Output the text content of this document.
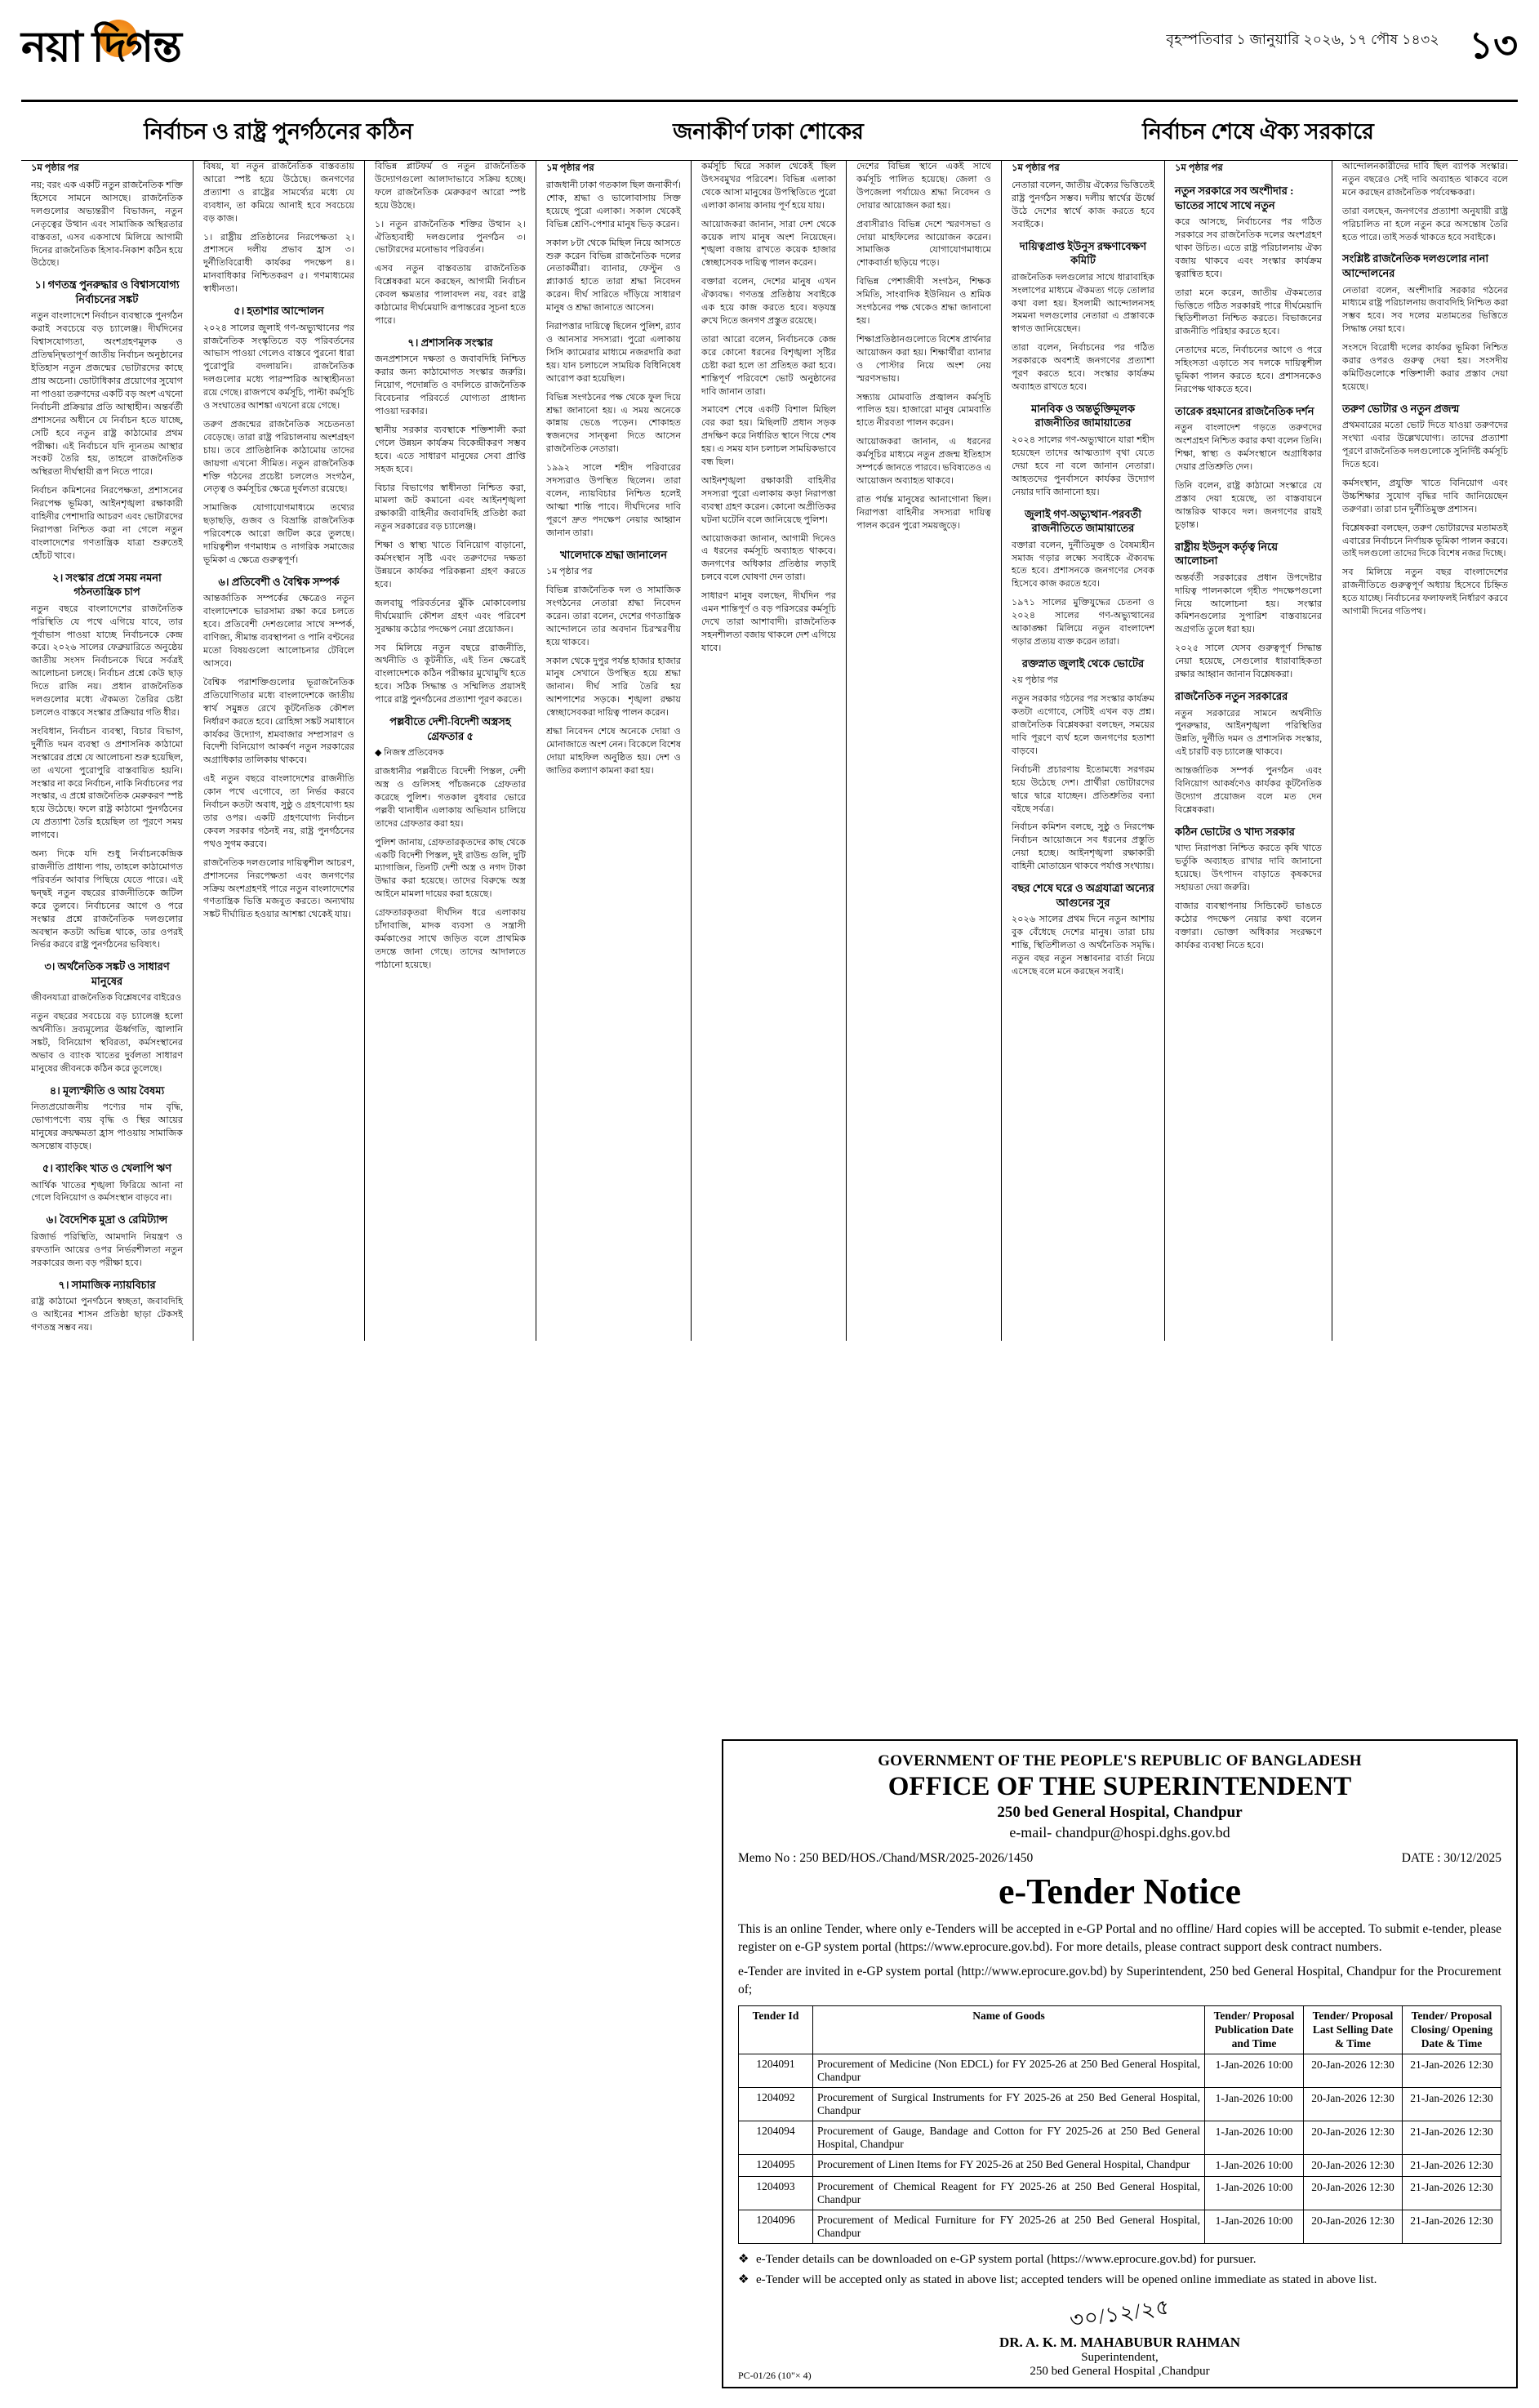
নয়া দিগন্ত	বৃহস্পতিবার ১ জানুয়ারি ২০২৬, ১৭ পৌষ ১৪৩২ ১৩
নির্বাচন ও রাষ্ট্র পুনর্গঠনের কঠিন	জনাকীর্ণ ঢাকা শোকের	নির্বাচন শেষে ঐক্য সরকারে
১ম পৃষ্ঠার পর
নয়; বরং এক একটি নতুন রাজনৈতিক শক্তি হিসেবে সামনে আসছে। রাজনৈতিক দলগুলোর অভ্যন্তরীণ বিভাজন, নতুন নেতৃত্বের উত্থান এবং সামাজিক অস্থিরতার বাস্তবতা, এসব একসাথে মিলিয়ে আগামী দিনের রাজনৈতিক হিসাব-নিকাশ কঠিন হয়ে উঠেছে।
১। গণতন্ত্র পুনরুদ্ধার ও বিশ্বাসযোগ্য নির্বাচনের সঙ্কট
নতুন বাংলাদেশে নির্বাচন ব্যবস্থাকে পুনর্গঠন করাই সবচেয়ে বড় চ্যালেঞ্জ। দীর্ঘদিনের বিশ্বাসযোগ্যতা, অংশগ্রহণমূলক ও প্রতিদ্বন্দ্বিতাপূর্ণ জাতীয় নির্বাচন অনুষ্ঠানের ইতিহাস নতুন প্রজন্মের ভোটারদের কাছে প্রায় অচেনা। ভোটাধিকার প্রয়োগের সুযোগ না পাওয়া তরুণদের একটি বড় অংশ এখনো নির্বাচনী প্রক্রিয়ার প্রতি আস্থাহীন। অন্তর্বর্তী প্রশাসনের অধীনে যে নির্বাচন হতে যাচ্ছে, সেটি হবে নতুন রাষ্ট্র কাঠামোর প্রথম পরীক্ষা। এই নির্বাচনে যদি ন্যূনতম আস্থার সংকট তৈরি হয়, তাহলে রাজনৈতিক অস্থিরতা দীর্ঘস্থায়ী রূপ নিতে পারে।
নির্বাচন কমিশনের নিরপেক্ষতা, প্রশাসনের নিরপেক্ষ ভূমিকা, আইনশৃঙ্খলা রক্ষাকারী বাহিনীর পেশাদারি আচরণ এবং ভোটারদের নিরাপত্তা নিশ্চিত করা না গেলে নতুন বাংলাদেশের গণতান্ত্রিক যাত্রা শুরুতেই হোঁচট খাবে।
২। সংস্কার প্রশ্নে সময় নমনা গঠনতান্ত্রিক চাপ
নতুন বছরে বাংলাদেশের রাজনৈতিক পরিস্থিতি যে পথে এগিয়ে যাবে, তার পূর্বাভাস পাওয়া যাচ্ছে নির্বাচনকে কেন্দ্র করে। ২০২৬ সালের ফেব্রুয়ারিতে অনুষ্ঠেয় জাতীয় সংসদ নির্বাচনকে ঘিরে সর্বত্রই আলোচনা চলছে। নির্বাচন প্রশ্নে কেউ ছাড় দিতে রাজি নয়। প্রধান রাজনৈতিক দলগুলোর মধ্যে ঐকমত্য তৈরির চেষ্টা চললেও বাস্তবে সংস্কার প্রক্রিয়ার গতি ধীর।
সংবিধান, নির্বাচন ব্যবস্থা, বিচার বিভাগ, দুর্নীতি দমন ব্যবস্থা ও প্রশাসনিক কাঠামো সংস্কারের প্রশ্নে যে আলোচনা শুরু হয়েছিল, তা এখনো পুরোপুরি বাস্তবায়িত হয়নি। সংস্কার না করে নির্বাচন, নাকি নির্বাচনের পর সংস্কার, এ প্রশ্নে রাজনৈতিক মেরুকরণ স্পষ্ট হয়ে উঠেছে। ফলে রাষ্ট্র কাঠামো পুনর্গঠনের যে প্রত্যাশা তৈরি হয়েছিল তা পূরণে সময় লাগবে।
অন্য দিকে যদি শুধু নির্বাচনকেন্দ্রিক রাজনীতি প্রাধান্য পায়, তাহলে কাঠামোগত পরিবর্তন আবার পিছিয়ে যেতে পারে। এই দ্বন্দ্বই নতুন বছরের রাজনীতিকে জটিল করে তুলবে। নির্বাচনের আগে ও পরে সংস্কার প্রশ্নে রাজনৈতিক দলগুলোর অবস্থান কতটা অভিন্ন থাকে, তার ওপরই নির্ভর করবে রাষ্ট্র পুনর্গঠনের ভবিষ্যৎ।
৩। অর্থনৈতিক সঙ্কট ও সাধারণ মানুষের
জীবনযাত্রা রাজনৈতিক বিশ্লেষণের বাইরেও
নতুন বছরের সবচেয়ে বড় চ্যালেঞ্জ হলো অর্থনীতি। দ্রব্যমূল্যের ঊর্ধ্বগতি, জ্বালানি সঙ্কট, বিনিয়োগ স্থবিরতা, কর্মসংস্থানের অভাব ও ব্যাংক খাতের দুর্বলতা সাধারণ মানুষের জীবনকে কঠিন করে তুলেছে।
৪। মূল্যস্ফীতি ও আয় বৈষম্য
নিত্যপ্রয়োজনীয় পণ্যের দাম বৃদ্ধি, ভোগ্যপণ্যে ব্যয় বৃদ্ধি ও স্থির আয়ের মানুষের ক্রয়ক্ষমতা হ্রাস পাওয়ায় সামাজিক অসন্তোষ বাড়ছে।
৫। ব্যাংকিং খাত ও খেলাপি ঋণ
আর্থিক খাতের শৃঙ্খলা ফিরিয়ে আনা না গেলে বিনিয়োগ ও কর্মসংস্থান বাড়বে না।
৬। বৈদেশিক মুদ্রা ও রেমিট্যান্স
রিজার্ভ পরিস্থিতি, আমদানি নিয়ন্ত্রণ ও রফতানি আয়ের ওপর নির্ভরশীলতা নতুন সরকারের জন্য বড় পরীক্ষা হবে।
৭। সামাজিক ন্যায়বিচার
রাষ্ট্র কাঠামো পুনর্গঠনে স্বচ্ছতা, জবাবদিহি ও আইনের শাসন প্রতিষ্ঠা ছাড়া টেকসই গণতন্ত্র সম্ভব নয়।
বিষয়, যা নতুন রাজনৈতিক বাস্তবতায় আরো স্পষ্ট হয়ে উঠেছে। জনগণের প্রত্যাশা ও রাষ্ট্রের সামর্থ্যের মধ্যে যে ব্যবধান, তা কমিয়ে আনাই হবে সবচেয়ে বড় কাজ।
১। রাষ্ট্রীয় প্রতিষ্ঠানের নিরপেক্ষতা ২। প্রশাসনে দলীয় প্রভাব হ্রাস ৩। দুর্নীতিবিরোধী কার্যকর পদক্ষেপ ৪। মানবাধিকার নিশ্চিতকরণ ৫। গণমাধ্যমের স্বাধীনতা।
৫। হতাশার আন্দোলন
২০২৪ সালের জুলাই গণ-অভ্যুত্থানের পর রাজনৈতিক সংস্কৃতিতে বড় পরিবর্তনের আভাস পাওয়া গেলেও বাস্তবে পুরনো ধারা পুরোপুরি বদলায়নি। রাজনৈতিক দলগুলোর মধ্যে পারস্পরিক আস্থাহীনতা রয়ে গেছে। রাজপথে কর্মসূচি, পাল্টা কর্মসূচি ও সংঘাতের আশঙ্কা এখনো রয়ে গেছে।
তরুণ প্রজন্মের রাজনৈতিক সচেতনতা বেড়েছে। তারা রাষ্ট্র পরিচালনায় অংশগ্রহণ চায়। তবে প্রাতিষ্ঠানিক কাঠামোয় তাদের জায়গা এখনো সীমিত। নতুন রাজনৈতিক শক্তি গঠনের প্রচেষ্টা চললেও সংগঠন, নেতৃত্ব ও কর্মসূচির ক্ষেত্রে দুর্বলতা রয়েছে।
সামাজিক যোগাযোগমাধ্যমে তথ্যের ছড়াছড়ি, গুজব ও বিভ্রান্তি রাজনৈতিক পরিবেশকে আরো জটিল করে তুলছে। দায়িত্বশীল গণমাধ্যম ও নাগরিক সমাজের ভূমিকা এ ক্ষেত্রে গুরুত্বপূর্ণ।
৬। প্রতিবেশী ও বৈশ্বিক সম্পর্ক
আন্তর্জাতিক সম্পর্কের ক্ষেত্রেও নতুন বাংলাদেশকে ভারসাম্য রক্ষা করে চলতে হবে। প্রতিবেশী দেশগুলোর সাথে সম্পর্ক, বাণিজ্য, সীমান্ত ব্যবস্থাপনা ও পানি বণ্টনের মতো বিষয়গুলো আলোচনার টেবিলে আসবে।
বৈশ্বিক পরাশক্তিগুলোর ভূরাজনৈতিক প্রতিযোগিতার মধ্যে বাংলাদেশকে জাতীয় স্বার্থ সমুন্নত রেখে কূটনৈতিক কৌশল নির্ধারণ করতে হবে। রোহিঙ্গা সঙ্কট সমাধানে কার্যকর উদ্যোগ, শ্রমবাজার সম্প্রসারণ ও বিদেশী বিনিয়োগ আকর্ষণ নতুন সরকারের অগ্রাধিকার তালিকায় থাকবে।
এই নতুন বছরে বাংলাদেশের রাজনীতি কোন পথে এগোবে, তা নির্ভর করবে নির্বাচন কতটা অবাধ, সুষ্ঠু ও গ্রহণযোগ্য হয় তার ওপর। একটি গ্রহণযোগ্য নির্বাচন কেবল সরকার গঠনই নয়, রাষ্ট্র পুনর্গঠনের পথও সুগম করবে।
রাজনৈতিক দলগুলোর দায়িত্বশীল আচরণ, প্রশাসনের নিরপেক্ষতা এবং জনগণের সক্রিয় অংশগ্রহণই পারে নতুন বাংলাদেশের গণতান্ত্রিক ভিত্তি মজবুত করতে। অন্যথায় সঙ্কট দীর্ঘায়িত হওয়ার আশঙ্কা থেকেই যায়।
বিভিন্ন প্লাটফর্ম ও নতুন রাজনৈতিক উদ্যোগগুলো আলাদাভাবে সক্রিয় হচ্ছে। ফলে রাজনৈতিক মেরুকরণ আরো স্পষ্ট হয়ে উঠছে।
১। নতুন রাজনৈতিক শক্তির উত্থান ২। ঐতিহ্যবাহী দলগুলোর পুনর্গঠন ৩। ভোটারদের মনোভাব পরিবর্তন।
এসব নতুন বাস্তবতায় রাজনৈতিক বিশ্লেষকরা মনে করছেন, আগামী নির্বাচন কেবল ক্ষমতার পালাবদল নয়, বরং রাষ্ট্র কাঠামোর দীর্ঘমেয়াদি রূপান্তরের সূচনা হতে পারে।
৭। প্রশাসনিক সংস্কার
জনপ্রশাসনে দক্ষতা ও জবাবদিহি নিশ্চিত করার জন্য কাঠামোগত সংস্কার জরুরি। নিয়োগ, পদোন্নতি ও বদলিতে রাজনৈতিক বিবেচনার পরিবর্তে যোগ্যতা প্রাধান্য পাওয়া দরকার।
স্থানীয় সরকার ব্যবস্থাকে শক্তিশালী করা গেলে উন্নয়ন কার্যক্রম বিকেন্দ্রীকরণ সম্ভব হবে। এতে সাধারণ মানুষের সেবা প্রাপ্তি সহজ হবে।
বিচার বিভাগের স্বাধীনতা নিশ্চিত করা, মামলা জট কমানো এবং আইনশৃঙ্খলা রক্ষাকারী বাহিনীর জবাবদিহি প্রতিষ্ঠা করা নতুন সরকারের বড় চ্যালেঞ্জ।
শিক্ষা ও স্বাস্থ্য খাতে বিনিয়োগ বাড়ানো, কর্মসংস্থান সৃষ্টি এবং তরুণদের দক্ষতা উন্নয়নে কার্যকর পরিকল্পনা গ্রহণ করতে হবে।
জলবায়ু পরিবর্তনের ঝুঁকি মোকাবেলায় দীর্ঘমেয়াদি কৌশল গ্রহণ এবং পরিবেশ সুরক্ষায় কঠোর পদক্ষেপ নেয়া প্রয়োজন।
সব মিলিয়ে নতুন বছরে রাজনীতি, অর্থনীতি ও কূটনীতি, এই তিন ক্ষেত্রেই বাংলাদেশকে কঠিন পরীক্ষার মুখোমুখি হতে হবে। সঠিক সিদ্ধান্ত ও সম্মিলিত প্রয়াসই পারে রাষ্ট্র পুনর্গঠনের প্রত্যাশা পূরণ করতে।
পল্লবীতে দেশী-বিদেশী অস্ত্রসহ গ্রেফতার ৫
◆ নিজস্ব প্রতিবেদক
রাজধানীর পল্লবীতে বিদেশী পিস্তল, দেশী অস্ত্র ও গুলিসহ পাঁচজনকে গ্রেফতার করেছে পুলিশ। গতকাল বুধবার ভোরে পল্লবী থানাধীন এলাকায় অভিযান চালিয়ে তাদের গ্রেফতার করা হয়।
পুলিশ জানায়, গ্রেফতারকৃতদের কাছ থেকে একটি বিদেশী পিস্তল, দুই রাউন্ড গুলি, দুটি ম্যাগাজিন, তিনটি দেশী অস্ত্র ও নগদ টাকা উদ্ধার করা হয়েছে। তাদের বিরুদ্ধে অস্ত্র আইনে মামলা দায়ের করা হয়েছে।
গ্রেফতারকৃতরা দীর্ঘদিন ধরে এলাকায় চাঁদাবাজি, মাদক ব্যবসা ও সন্ত্রাসী কর্মকাণ্ডের সাথে জড়িত বলে প্রাথমিক তদন্তে জানা গেছে। তাদের আদালতে পাঠানো হয়েছে।
১ম পৃষ্ঠার পর
রাজধানী ঢাকা গতকাল ছিল জনাকীর্ণ। শোক, শ্রদ্ধা ও ভালোবাসায় সিক্ত হয়েছে পুরো এলাকা। সকাল থেকেই বিভিন্ন শ্রেণি-পেশার মানুষ ভিড় করেন।
সকাল ৮টা থেকে মিছিল নিয়ে আসতে শুরু করেন বিভিন্ন রাজনৈতিক দলের নেতাকর্মীরা। ব্যানার, ফেস্টুন ও প্ল্যাকার্ড হাতে তারা শ্রদ্ধা নিবেদন করেন। দীর্ঘ সারিতে দাঁড়িয়ে সাধারণ মানুষ ও শ্রদ্ধা জানাতে আসেন।
নিরাপত্তার দায়িত্বে ছিলেন পুলিশ, র‍্যাব ও আনসার সদস্যরা। পুরো এলাকায় সিসি ক্যামেরার মাধ্যমে নজরদারি করা হয়। যান চলাচলে সাময়িক বিধিনিষেধ আরোপ করা হয়েছিল।
বিভিন্ন সংগঠনের পক্ষ থেকে ফুল দিয়ে শ্রদ্ধা জানানো হয়। এ সময় অনেকে কান্নায় ভেঙে পড়েন। শোকাহত স্বজনদের সান্ত্বনা দিতে আসেন রাজনৈতিক নেতারা।
১৯৯২ সালে শহীদ পরিবারের সদস্যরাও উপস্থিত ছিলেন। তারা বলেন, ন্যায়বিচার নিশ্চিত হলেই আত্মা শান্তি পাবে। দীর্ঘদিনের দাবি পূরণে দ্রুত পদক্ষেপ নেয়ার আহ্বান জানান তারা।
খালেদাকে শ্রদ্ধা জানালেন
১ম পৃষ্ঠার পর
বিভিন্ন রাজনৈতিক দল ও সামাজিক সংগঠনের নেতারা শ্রদ্ধা নিবেদন করেন। তারা বলেন, দেশের গণতান্ত্রিক আন্দোলনে তার অবদান চিরস্মরণীয় হয়ে থাকবে।
সকাল থেকে দুপুর পর্যন্ত হাজার হাজার মানুষ সেখানে উপস্থিত হয়ে শ্রদ্ধা জানান। দীর্ঘ সারি তৈরি হয় আশপাশের সড়কে। শৃঙ্খলা রক্ষায় স্বেচ্ছাসেবকরা দায়িত্ব পালন করেন।
শ্রদ্ধা নিবেদন শেষে অনেকে দোয়া ও মোনাজাতে অংশ নেন। বিকেলে বিশেষ দোয়া মাহফিল অনুষ্ঠিত হয়। দেশ ও জাতির কল্যাণ কামনা করা হয়।
কর্মসূচি ঘিরে সকাল থেকেই ছিল উৎসবমুখর পরিবেশ। বিভিন্ন এলাকা থেকে আসা মানুষের উপস্থিতিতে পুরো এলাকা কানায় কানায় পূর্ণ হয়ে যায়।
আয়োজকরা জানান, সারা দেশ থেকে কয়েক লাখ মানুষ অংশ নিয়েছেন। শৃঙ্খলা বজায় রাখতে কয়েক হাজার স্বেচ্ছাসেবক দায়িত্ব পালন করেন।
বক্তারা বলেন, দেশের মানুষ এখন ঐক্যবদ্ধ। গণতন্ত্র প্রতিষ্ঠায় সবাইকে এক হয়ে কাজ করতে হবে। ষড়যন্ত্র রুখে দিতে জনগণ প্রস্তুত রয়েছে।
তারা আরো বলেন, নির্বাচনকে কেন্দ্র করে কোনো ধরনের বিশৃঙ্খলা সৃষ্টির চেষ্টা করা হলে তা প্রতিহত করা হবে। শান্তিপূর্ণ পরিবেশে ভোট অনুষ্ঠানের দাবি জানান তারা।
সমাবেশ শেষে একটি বিশাল মিছিল বের করা হয়। মিছিলটি প্রধান সড়ক প্রদক্ষিণ করে নির্ধারিত স্থানে গিয়ে শেষ হয়। এ সময় যান চলাচল সাময়িকভাবে বন্ধ ছিল।
আইনশৃঙ্খলা রক্ষাকারী বাহিনীর সদস্যরা পুরো এলাকায় কড়া নিরাপত্তা ব্যবস্থা গ্রহণ করেন। কোনো অপ্রীতিকর ঘটনা ঘটেনি বলে জানিয়েছে পুলিশ।
আয়োজকরা জানান, আগামী দিনেও এ ধরনের কর্মসূচি অব্যাহত থাকবে। জনগণের অধিকার প্রতিষ্ঠার লড়াই চলবে বলে ঘোষণা দেন তারা।
সাধারণ মানুষ বলছেন, দীর্ঘদিন পর এমন শান্তিপূর্ণ ও বড় পরিসরের কর্মসূচি দেখে তারা আশাবাদী। রাজনৈতিক সহনশীলতা বজায় থাকলে দেশ এগিয়ে যাবে।
দেশের বিভিন্ন স্থানে একই সাথে কর্মসূচি পালিত হয়েছে। জেলা ও উপজেলা পর্যায়েও শ্রদ্ধা নিবেদন ও দোয়ার আয়োজন করা হয়।
প্রবাসীরাও বিভিন্ন দেশে স্মরণসভা ও দোয়া মাহফিলের আয়োজন করেন। সামাজিক যোগাযোগমাধ্যমে শোকবার্তা ছড়িয়ে পড়ে।
বিভিন্ন পেশাজীবী সংগঠন, শিক্ষক সমিতি, সাংবাদিক ইউনিয়ন ও শ্রমিক সংগঠনের পক্ষ থেকেও শ্রদ্ধা জানানো হয়।
শিক্ষাপ্রতিষ্ঠানগুলোতে বিশেষ প্রার্থনার আয়োজন করা হয়। শিক্ষার্থীরা ব্যানার ও পোস্টার নিয়ে অংশ নেয় স্মরণসভায়।
সন্ধ্যায় মোমবাতি প্রজ্বালন কর্মসূচি পালিত হয়। হাজারো মানুষ মোমবাতি হাতে নীরবতা পালন করেন।
আয়োজকরা জানান, এ ধরনের কর্মসূচির মাধ্যমে নতুন প্রজন্ম ইতিহাস সম্পর্কে জানতে পারবে। ভবিষ্যতেও এ আয়োজন অব্যাহত থাকবে।
রাত পর্যন্ত মানুষের আনাগোনা ছিল। নিরাপত্তা বাহিনীর সদস্যরা দায়িত্ব পালন করেন পুরো সময়জুড়ে।
১ম পৃষ্ঠার পর
নেতারা বলেন, জাতীয় ঐক্যের ভিত্তিতেই রাষ্ট্র পুনর্গঠন সম্ভব। দলীয় স্বার্থের ঊর্ধ্বে উঠে দেশের স্বার্থে কাজ করতে হবে সবাইকে।
দায়িত্বপ্রাপ্ত ইউনুস রক্ষণাবেক্ষণ কমিটি
রাজনৈতিক দলগুলোর সাথে ধারাবাহিক সংলাপের মাধ্যমে ঐকমত্য গড়ে তোলার কথা বলা হয়। ইসলামী আন্দোলনসহ সমমনা দলগুলোর নেতারা এ প্রস্তাবকে স্বাগত জানিয়েছেন।
তারা বলেন, নির্বাচনের পর গঠিত সরকারকে অবশ্যই জনগণের প্রত্যাশা পূরণ করতে হবে। সংস্কার কার্যক্রম অব্যাহত রাখতে হবে।
মানবিক ও অন্তর্ভুক্তিমূলক রাজনীতির জামায়াতের
২০২৪ সালের গণ-অভ্যুত্থানে যারা শহীদ হয়েছেন তাদের আত্মত্যাগ বৃথা যেতে দেয়া হবে না বলে জানান নেতারা। আহতদের পুনর্বাসনে কার্যকর উদ্যোগ নেয়ার দাবি জানানো হয়।
জুলাই গণ-অভ্যুত্থান-পরবর্তী রাজনীতিতে জামায়াতের
বক্তারা বলেন, দুর্নীতিমুক্ত ও বৈষম্যহীন সমাজ গড়ার লক্ষ্যে সবাইকে ঐক্যবদ্ধ হতে হবে। প্রশাসনকে জনগণের সেবক হিসেবে কাজ করতে হবে।
১৯৭১ সালের মুক্তিযুদ্ধের চেতনা ও ২০২৪ সালের গণ-অভ্যুত্থানের আকাঙ্ক্ষা মিলিয়ে নতুন বাংলাদেশ গড়ার প্রত্যয় ব্যক্ত করেন তারা।
রক্তস্নাত জুলাই থেকে ভোটের
২য় পৃষ্ঠার পর
নতুন সরকার গঠনের পর সংস্কার কার্যক্রম কতটা এগোবে, সেটিই এখন বড় প্রশ্ন। রাজনৈতিক বিশ্লেষকরা বলছেন, সময়ের দাবি পূরণে ব্যর্থ হলে জনগণের হতাশা বাড়বে।
নির্বাচনী প্রচারণায় ইতোমধ্যে সরগরম হয়ে উঠেছে দেশ। প্রার্থীরা ভোটারদের দ্বারে দ্বারে যাচ্ছেন। প্রতিশ্রুতির বন্যা বইছে সর্বত্র।
নির্বাচন কমিশন বলছে, সুষ্ঠু ও নিরপেক্ষ নির্বাচন আয়োজনে সব ধরনের প্রস্তুতি নেয়া হচ্ছে। আইনশৃঙ্খলা রক্ষাকারী বাহিনী মোতায়েন থাকবে পর্যাপ্ত সংখ্যায়।
বছর শেষে ঘরে ও অগ্রযাত্রা অন্যের আগুনের সুর
২০২৬ সালের প্রথম দিনে নতুন আশায় বুক বেঁধেছে দেশের মানুষ। তারা চায় শান্তি, স্থিতিশীলতা ও অর্থনৈতিক সমৃদ্ধি। নতুন বছর নতুন সম্ভাবনার বার্তা নিয়ে এসেছে বলে মনে করছেন সবাই।
১ম পৃষ্ঠার পর
নতুন সরকারে সব অংশীদার : ভাতের সাথে সাথে নতুন
করে আসছে, নির্বাচনের পর গঠিত সরকারে সব রাজনৈতিক দলের অংশগ্রহণ থাকা উচিত। এতে রাষ্ট্র পরিচালনায় ঐক্য বজায় থাকবে এবং সংস্কার কার্যক্রম ত্বরান্বিত হবে।
তারা মনে করেন, জাতীয় ঐকমত্যের ভিত্তিতে গঠিত সরকারই পারে দীর্ঘমেয়াদি স্থিতিশীলতা নিশ্চিত করতে। বিভাজনের রাজনীতি পরিহার করতে হবে।
নেতাদের মতে, নির্বাচনের আগে ও পরে সহিংসতা এড়াতে সব দলকে দায়িত্বশীল ভূমিকা পালন করতে হবে। প্রশাসনকেও নিরপেক্ষ থাকতে হবে।
তারেক রহমানের রাজনৈতিক দর্শন
নতুন বাংলাদেশ গড়তে তরুণদের অংশগ্রহণ নিশ্চিত করার কথা বলেন তিনি। শিক্ষা, স্বাস্থ্য ও কর্মসংস্থানে অগ্রাধিকার দেয়ার প্রতিশ্রুতি দেন।
তিনি বলেন, রাষ্ট্র কাঠামো সংস্কারে যে প্রস্তাব দেয়া হয়েছে, তা বাস্তবায়নে আন্তরিক থাকবে দল। জনগণের রায়ই চূড়ান্ত।
রাষ্ট্রীয় ইউনুস কর্তৃত্ব নিয়ে আলোচনা
অন্তর্বর্তী সরকারের প্রধান উপদেষ্টার দায়িত্ব পালনকালে গৃহীত পদক্ষেপগুলো নিয়ে আলোচনা হয়। সংস্কার কমিশনগুলোর সুপারিশ বাস্তবায়নের অগ্রগতি তুলে ধরা হয়।
২০২৫ সালে যেসব গুরুত্বপূর্ণ সিদ্ধান্ত নেয়া হয়েছে, সেগুলোর ধারাবাহিকতা রক্ষার আহ্বান জানান বিশ্লেষকরা।
রাজনৈতিক নতুন সরকারের
নতুন সরকারের সামনে অর্থনীতি পুনরুদ্ধার, আইনশৃঙ্খলা পরিস্থিতির উন্নতি, দুর্নীতি দমন ও প্রশাসনিক সংস্কার, এই চারটি বড় চ্যালেঞ্জ থাকবে।
আন্তর্জাতিক সম্পর্ক পুনর্গঠন এবং বিনিয়োগ আকর্ষণেও কার্যকর কূটনৈতিক উদ্যোগ প্রয়োজন বলে মত দেন বিশ্লেষকরা।
কঠিন ভোটের ও খাদ্য সরকার
খাদ্য নিরাপত্তা নিশ্চিত করতে কৃষি খাতে ভর্তুকি অব্যাহত রাখার দাবি জানানো হয়েছে। উৎপাদন বাড়াতে কৃষকদের সহায়তা দেয়া জরুরি।
বাজার ব্যবস্থাপনায় সিন্ডিকেট ভাঙতে কঠোর পদক্ষেপ নেয়ার কথা বলেন বক্তারা। ভোক্তা অধিকার সংরক্ষণে কার্যকর ব্যবস্থা নিতে হবে।
আন্দোলনকারীদের দাবি ছিল ব্যাপক সংস্কার। নতুন বছরেও সেই দাবি অব্যাহত থাকবে বলে মনে করছেন রাজনৈতিক পর্যবেক্ষকরা।
তারা বলছেন, জনগণের প্রত্যাশা অনুযায়ী রাষ্ট্র পরিচালিত না হলে নতুন করে অসন্তোষ তৈরি হতে পারে। তাই সতর্ক থাকতে হবে সবাইকে।
সংশ্লিষ্ট রাজনৈতিক দলগুলোর নানা আন্দোলনের
নেতারা বলেন, অংশীদারি সরকার গঠনের মাধ্যমে রাষ্ট্র পরিচালনায় জবাবদিহি নিশ্চিত করা সম্ভব হবে। সব দলের মতামতের ভিত্তিতে সিদ্ধান্ত নেয়া হবে।
সংসদে বিরোধী দলের কার্যকর ভূমিকা নিশ্চিত করার ওপরও গুরুত্ব দেয়া হয়। সংসদীয় কমিটিগুলোকে শক্তিশালী করার প্রস্তাব দেয়া হয়েছে।
তরুণ ভোটার ও নতুন প্রজন্ম
প্রথমবারের মতো ভোট দিতে যাওয়া তরুণদের সংখ্যা এবার উল্লেখযোগ্য। তাদের প্রত্যাশা পূরণে রাজনৈতিক দলগুলোকে সুনির্দিষ্ট কর্মসূচি দিতে হবে।
কর্মসংস্থান, প্রযুক্তি খাতে বিনিয়োগ এবং উচ্চশিক্ষার সুযোগ বৃদ্ধির দাবি জানিয়েছেন তরুণরা। তারা চান দুর্নীতিমুক্ত প্রশাসন।
বিশ্লেষকরা বলছেন, তরুণ ভোটারদের মতামতই এবারের নির্বাচনে নির্ণায়ক ভূমিকা পালন করবে। তাই দলগুলো তাদের দিকে বিশেষ নজর দিচ্ছে।
সব মিলিয়ে নতুন বছর বাংলাদেশের রাজনীতিতে গুরুত্বপূর্ণ অধ্যায় হিসেবে চিহ্নিত হতে যাচ্ছে। নির্বাচনের ফলাফলই নির্ধারণ করবে আগামী দিনের গতিপথ।
GOVERNMENT OF THE PEOPLE'S REPUBLIC OF BANGLADESH
OFFICE OF THE SUPERINTENDENT
250 bed General Hospital, Chandpur
e-mail- chandpur@hospi.dghs.gov.bd
Memo No : 250 BED/HOS./Chand/MSR/2025-2026/1450	DATE : 30/12/2025
e-Tender Notice
This is an online Tender, where only e-Tenders will be accepted in e-GP Portal and no offline/ Hard copies will be accepted. To submit e-tender, please register on e-GP system portal (https://www.eprocure.gov.bd). For more details, please contract support desk contract numbers.
e-Tender are invited in e-GP system portal (http://www.eprocure.gov.bd) by Superintendent, 250 bed General Hospital, Chandpur for the Procurement of;
Tender Id	Name of Goods	Tender/ Proposal Publication Date and Time	Tender/ Proposal Last Selling Date & Time	Tender/ Proposal Closing/ Opening Date & Time
1204091	Procurement of Medicine (Non EDCL) for FY 2025-26 at 250 Bed General Hospital, Chandpur	1-Jan-2026 10:00	20-Jan-2026 12:30	21-Jan-2026 12:30
1204092	Procurement of Surgical Instruments for FY 2025-26 at 250 Bed General Hospital, Chandpur	1-Jan-2026 10:00	20-Jan-2026 12:30	21-Jan-2026 12:30
1204094	Procurement of Gauge, Bandage and Cotton for FY 2025-26 at 250 Bed General Hospital, Chandpur	1-Jan-2026 10:00	20-Jan-2026 12:30	21-Jan-2026 12:30
1204095	Procurement of Linen Items for FY 2025-26 at 250 Bed General Hospital, Chandpur	1-Jan-2026 10:00	20-Jan-2026 12:30	21-Jan-2026 12:30
1204093	Procurement of Chemical Reagent for FY 2025-26 at 250 Bed General Hospital, Chandpur	1-Jan-2026 10:00	20-Jan-2026 12:30	21-Jan-2026 12:30
1204096	Procurement of Medical Furniture for FY 2025-26 at 250 Bed General Hospital, Chandpur	1-Jan-2026 10:00	20-Jan-2026 12:30	21-Jan-2026 12:30
❖ e-Tender details can be downloaded on e-GP system portal (https://www.eprocure.gov.bd) for pursuer.
❖ e-Tender will be accepted only as stated in above list; accepted tenders will be opened online immediate as stated in above list.
৩০/১২/২৫
DR. A. K. M. MAHABUBUR RAHMAN
Superintendent,
250 bed General Hospital ,Chandpur
PC-01/26 (10"× 4)
